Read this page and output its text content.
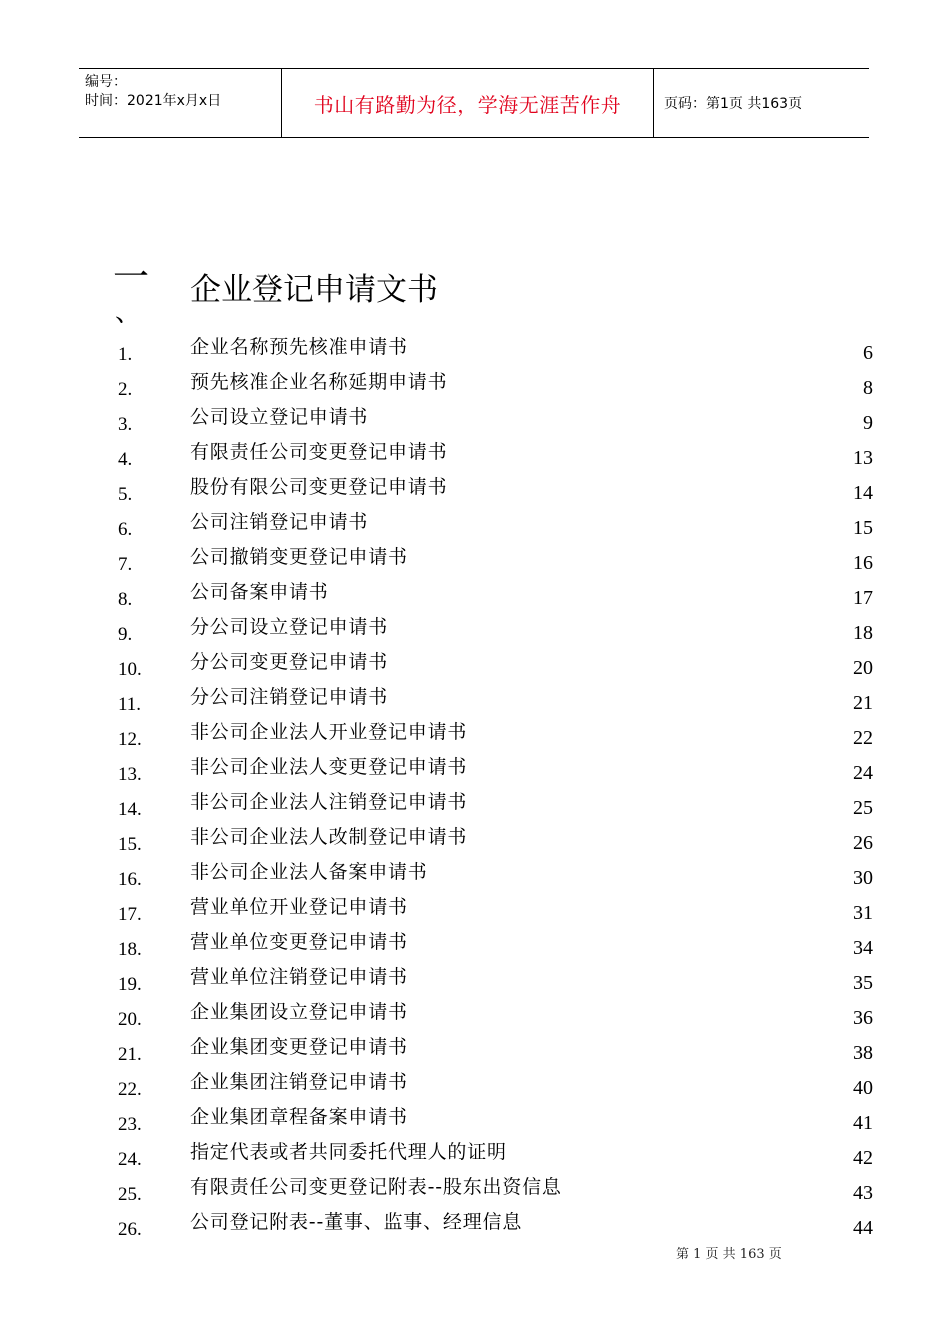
编号：
时间：2021年x月x日	书山有路勤为径，学海无涯苦作舟	页码：第1页 共163页
一
、
企业登记申请文书
1.	企业名称预先核准申请书	6
2.	预先核准企业名称延期申请书	8
3.	公司设立登记申请书	9
4.	有限责任公司变更登记申请书	13
5.	股份有限公司变更登记申请书	14
6.	公司注销登记申请书	15
7.	公司撤销变更登记申请书	16
8.	公司备案申请书	17
9.	分公司设立登记申请书	18
10.	分公司变更登记申请书	20
11.	分公司注销登记申请书	21
12.	非公司企业法人开业登记申请书	22
13.	非公司企业法人变更登记申请书	24
14.	非公司企业法人注销登记申请书	25
15.	非公司企业法人改制登记申请书	26
16.	非公司企业法人备案申请书	30
17.	营业单位开业登记申请书	31
18.	营业单位变更登记申请书	34
19.	营业单位注销登记申请书	35
20.	企业集团设立登记申请书	36
21.	企业集团变更登记申请书	38
22.	企业集团注销登记申请书	40
23.	企业集团章程备案申请书	41
24.	指定代表或者共同委托代理人的证明	42
25.	有限责任公司变更登记附表--股东出资信息	43
26.	公司登记附表--董事、监事、经理信息	44
第 1 页 共 163 页
